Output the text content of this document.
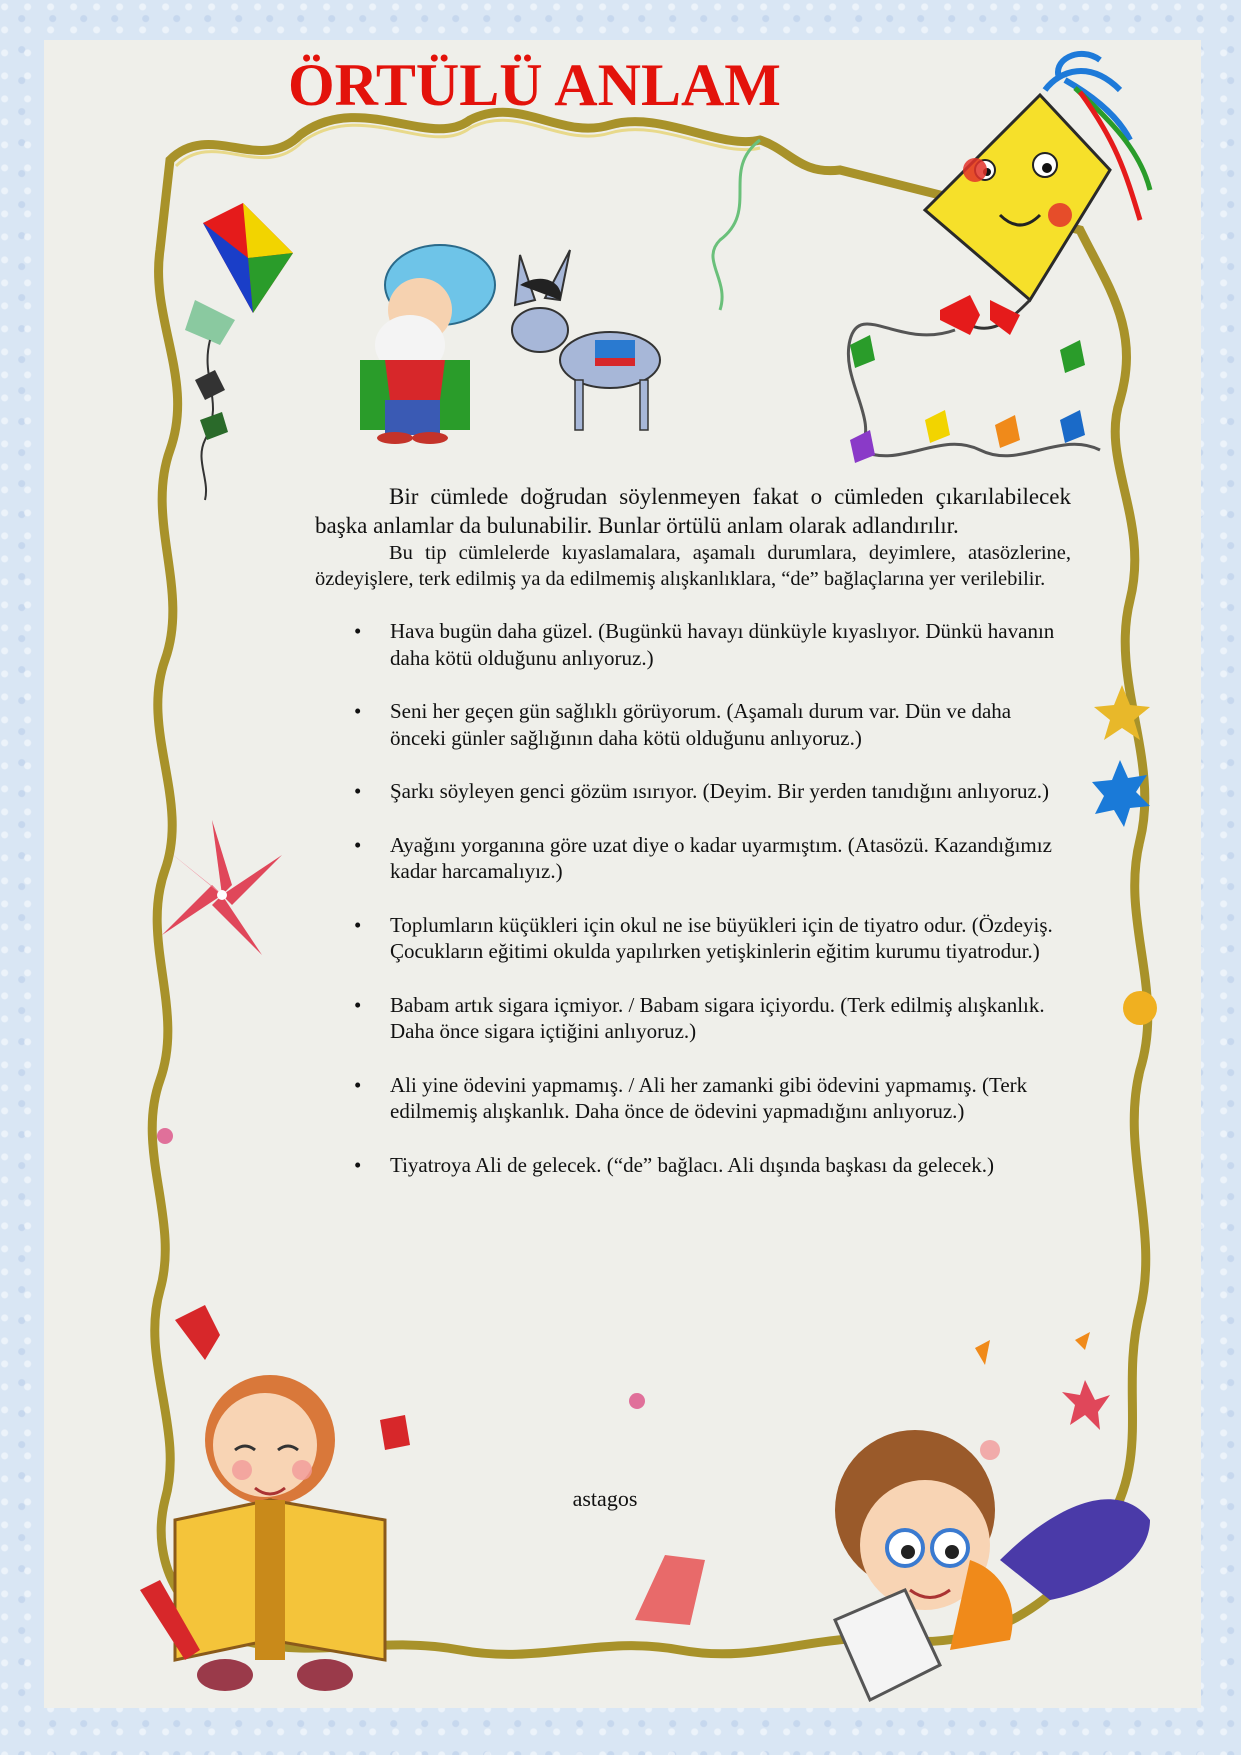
ÖRTÜLÜ ANLAM

Bir cümlede doğrudan söylenmeyen fakat o cümleden çıkarılabilecek başka anlamlar da bulunabilir. Bunlar örtülü anlam olarak adlandırılır.

Bu tip cümlelerde kıyaslamalara, aşamalı durumlara, deyimlere, atasözlerine, özdeyişlere, terk edilmiş ya da edilmemiş alışkanlıklara, “de” bağlaçlarına yer verilebilir.

• Hava bugün daha güzel. (Bugünkü havayı dünküyle kıyaslıyor. Dünkü havanın daha kötü olduğunu anlıyoruz.)
• Seni her geçen gün sağlıklı görüyorum. (Aşamalı durum var. Dün ve daha önceki günler sağlığının daha kötü olduğunu anlıyoruz.)
• Şarkı söyleyen genci gözüm ısırıyor. (Deyim. Bir yerden tanıdığını anlıyoruz.)
• Ayağını yorganına göre uzat diye o kadar uyarmıştım. (Atasözü. Kazandığımız kadar harcamalıyız.)
• Toplumların küçükleri için okul ne ise büyükleri için de tiyatro odur. (Özdeyiş. Çocukların eğitimi okulda yapılırken yetişkinlerin eğitim kurumu tiyatrodur.)
• Babam artık sigara içmiyor. / Babam sigara içiyordu. (Terk edilmiş alışkanlık. Daha önce sigara içtiğini anlıyoruz.)
• Ali yine ödevini yapmamış. / Ali her zamanki gibi ödevini yapmamış. (Terk edilmemiş alışkanlık. Daha önce de ödevini yapmadığını anlıyoruz.)
• Tiyatroya Ali de gelecek. (“de” bağlacı. Ali dışında başkası da gelecek.)
astagos
